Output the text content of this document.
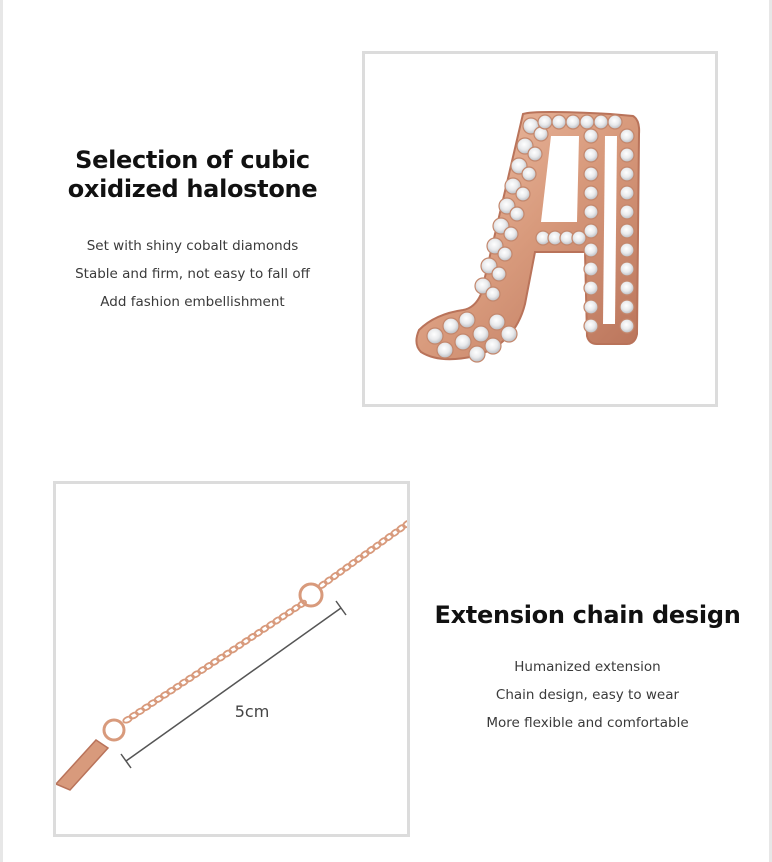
Selection of cubic
oxidized halostone
Set with shiny cobalt diamonds
Stable and firm, not easy to fall off
Add fashion embellishment
5cm
Extension chain design
Humanized extension
Chain design, easy to wear
More flexible and comfortable
